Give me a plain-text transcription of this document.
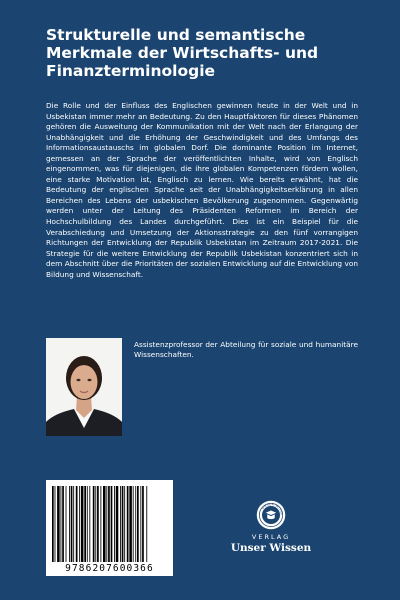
Strukturelle und semantische Merkmale der Wirtschafts- und Finanzterminologie

Die Rolle und der Einfluss des Englischen gewinnen heute in der Welt und in Usbekistan immer mehr an Bedeutung. Zu den Hauptfaktoren für dieses Phänomen gehören die Ausweitung der Kommunikation mit der Welt nach der Erlangung der Unabhängigkeit und die Erhöhung der Geschwindigkeit und des Umfangs des Informationsaustauschs im globalen Dorf. Die dominante Position im Internet, gemessen an der Sprache der veröffentlichten Inhalte, wird von Englisch eingenommen, was für diejenigen, die ihre globalen Kompetenzen fördern wollen, eine starke Motivation ist, Englisch zu lernen. Wie bereits erwähnt, hat die Bedeutung der englischen Sprache seit der Unabhängigkeitserklärung in allen Bereichen des Lebens der usbekischen Bevölkerung zugenommen. Gegenwärtig werden unter der Leitung des Präsidenten Reformen im Bereich der Hochschulbildung des Landes durchgeführt. Dies ist ein Beispiel für die Verabschiedung und Umsetzung der Aktionsstrategie zu den fünf vorrangigen Richtungen der Entwicklung der Republik Usbekistan im Zeitraum 2017-2021. Die Strategie für die weitere Entwicklung der Republik Usbekistan konzentriert sich in dem Abschnitt über die Prioritäten der sozialen Entwicklung auf die Entwicklung von Bildung und Wissenschaft.

Assistenzprofessor der Abteilung für soziale und humanitäre Wissenschaften.

9786207600366
UNSER WISSE
VERLAG
Unser Wissen
